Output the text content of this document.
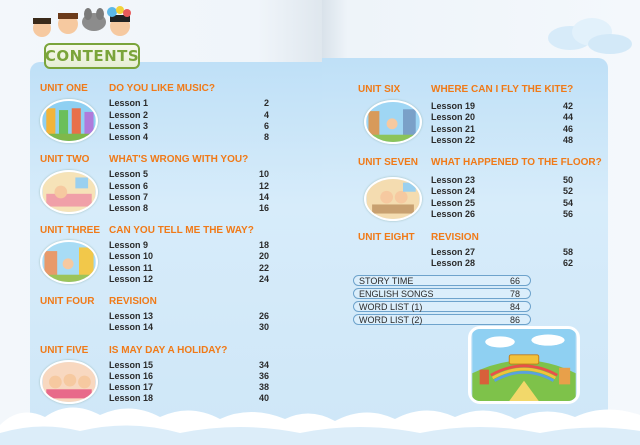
CONTENTS
UNIT ONE DO YOU LIKE MUSIC?
Lesson 1	2
Lesson 2	4
Lesson 3	6
Lesson 4	8
UNIT TWO WHAT'S WRONG WITH YOU?
Lesson 5	10
Lesson 6	12
Lesson 7	14
Lesson 8	16
UNIT THREE CAN YOU TELL ME THE WAY?
Lesson 9	18
Lesson 10	20
Lesson 11	22
Lesson 12	24
UNIT FOUR REVISION
Lesson 13	26
Lesson 14	30
UNIT FIVE IS MAY DAY A HOLIDAY?
Lesson 15	34
Lesson 16	36
Lesson 17	38
Lesson 18	40
UNIT SIX	WHERE CAN I FLY THE KITE?
Lesson 19	42
Lesson 20	44
Lesson 21	46
Lesson 22	48
UNIT SEVEN WHAT HAPPENED TO THE FLOOR?
Lesson 23	50
Lesson 24	52
Lesson 25	54
Lesson 26	56
UNIT EIGHT REVISION
Lesson 27	58
Lesson 28	62
STORY TIME	66
ENGLISH SONGS	78
WORD LIST (1)	84
WORD LIST (2)	86
